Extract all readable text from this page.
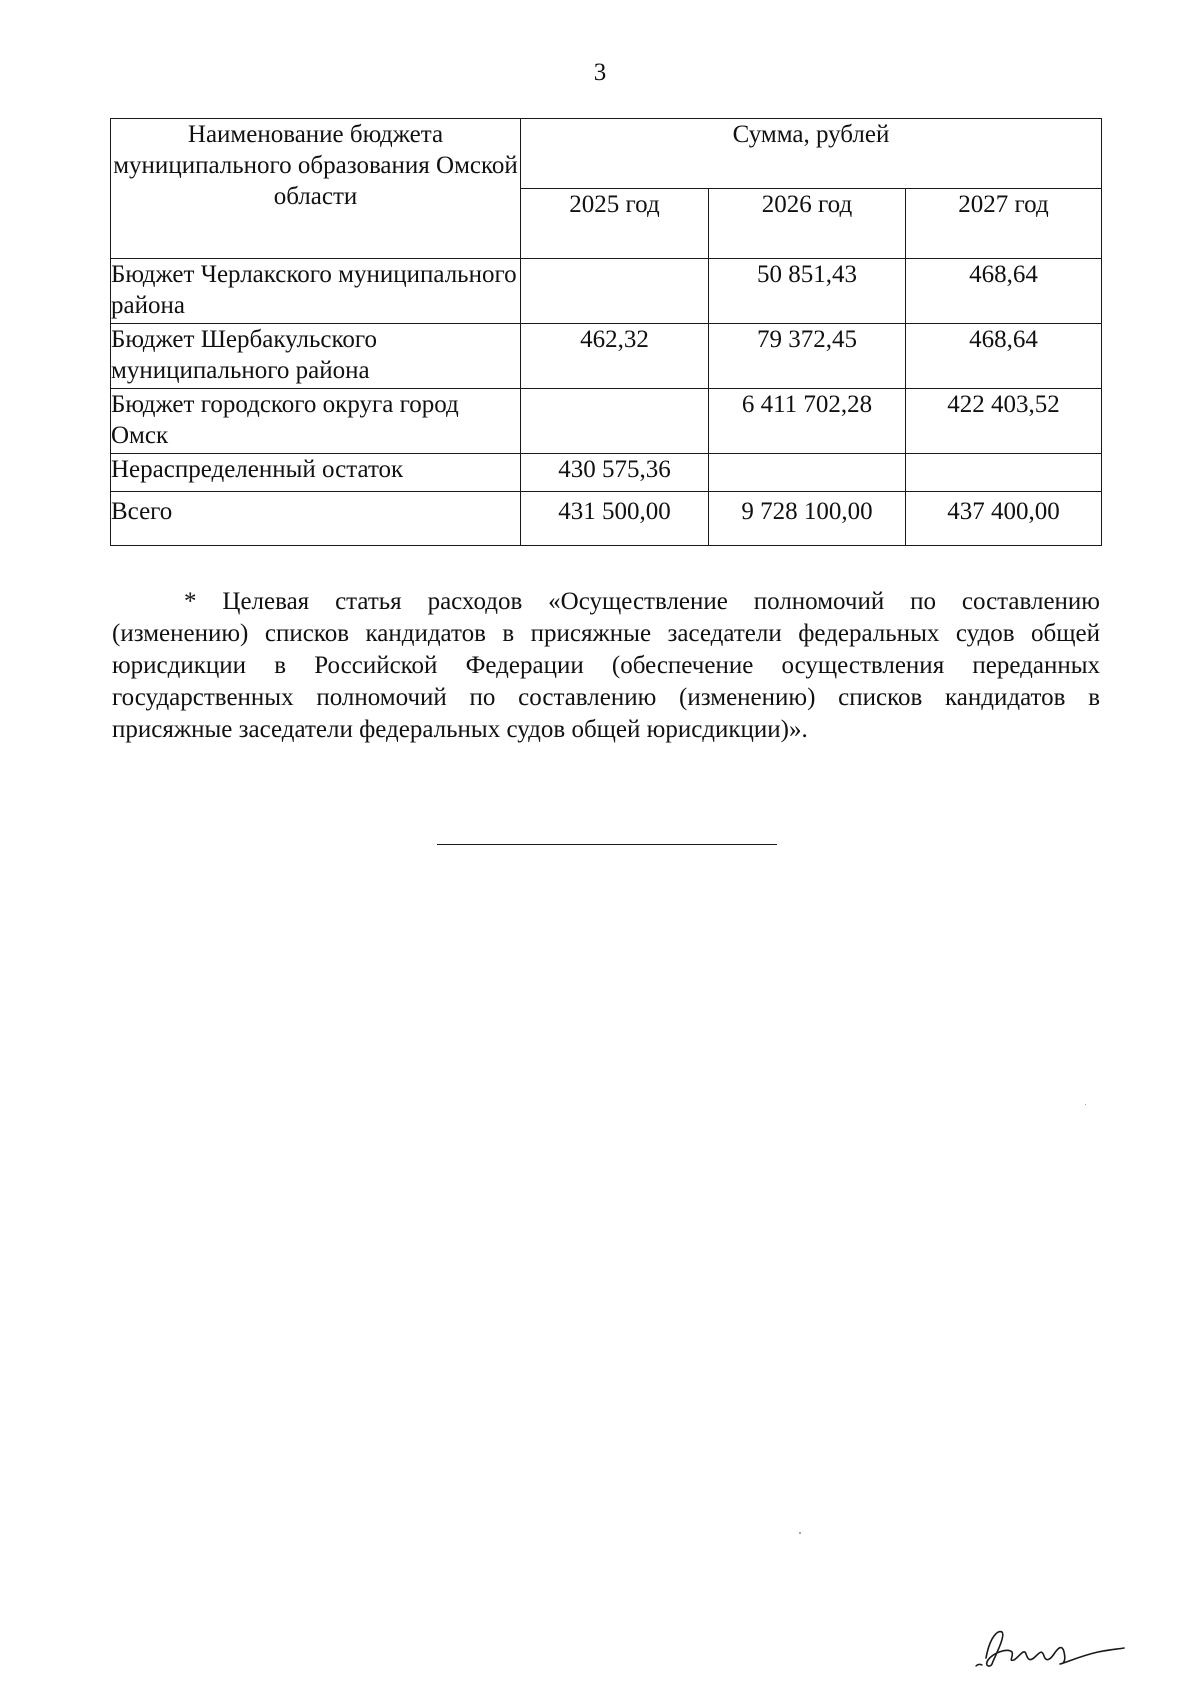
3
Наименование бюджета муниципального образования Омской области	Сумма, рублей		
	2025 год	2026 год	2027 год
Бюджет Черлакского муниципального района		50 851,43	468,64
Бюджет Шербакульского муниципального района	462,32	79 372,45	468,64
Бюджет городского округа город Омск		6 411 702,28	422 403,52
Нераспределенный остаток	430 575,36		
Всего	431 500,00	9 728 100,00	437 400,00

* Целевая статья расходов «Осуществление полномочий по составлению (изменению) списков кандидатов в присяжные заседатели федеральных судов общей юрисдикции в Российской Федерации (обеспечение осуществления переданных государственных полномочий по составлению (изменению) списков кандидатов в присяжные заседатели федеральных судов общей юрисдикции)».
